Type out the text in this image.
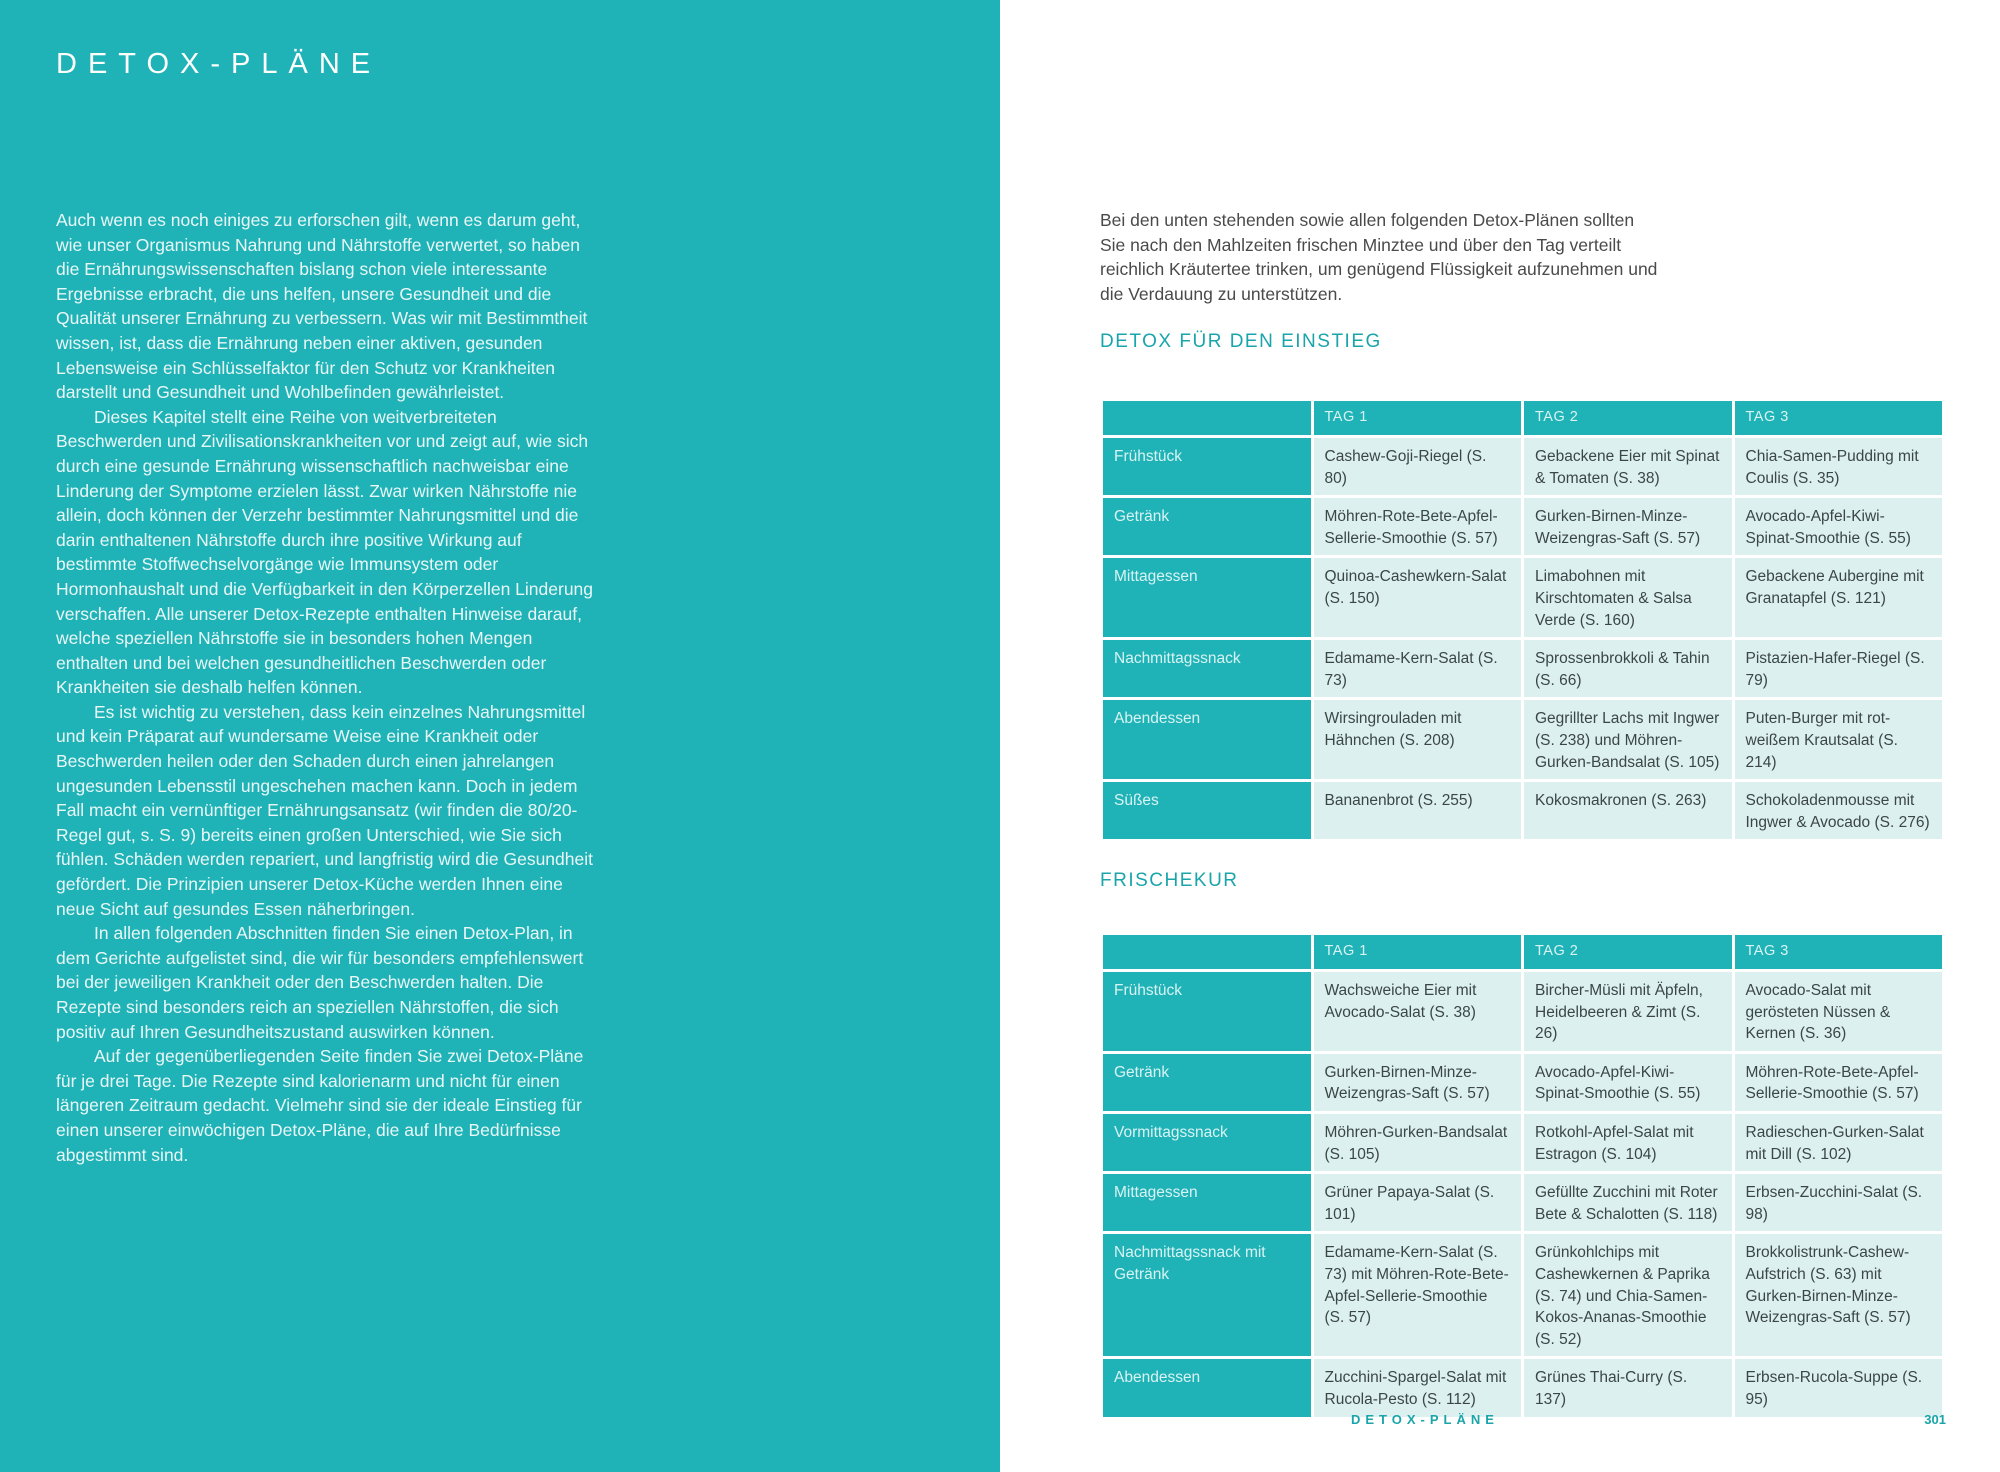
DETOX-PLÄNE

Auch wenn es noch einiges zu erforschen gilt, wenn es darum geht, wie unser Organismus Nahrung und Nährstoffe verwertet, so haben die Ernährungswissenschaften bislang schon viele interessante Ergebnisse erbracht, die uns helfen, unsere Gesundheit und die Qualität unserer Ernährung zu verbessern. Was wir mit Bestimmtheit wissen, ist, dass die Ernährung neben einer aktiven, gesunden Lebensweise ein Schlüsselfaktor für den Schutz vor Krankheiten darstellt und Gesundheit und Wohlbefinden gewährleistet.

Dieses Kapitel stellt eine Reihe von weitverbreiteten Beschwerden und Zivilisationskrankheiten vor und zeigt auf, wie sich durch eine gesunde Ernährung wissenschaftlich nachweisbar eine Linderung der Symptome erzielen lässt. Zwar wirken Nährstoffe nie allein, doch können der Verzehr bestimmter Nahrungsmittel und die darin enthaltenen Nährstoffe durch ihre positive Wirkung auf bestimmte Stoffwechselvorgänge wie Immunsystem oder Hormonhaushalt und die Verfügbarkeit in den Körperzellen Linderung verschaffen. Alle unserer Detox-Rezepte enthalten Hinweise darauf, welche speziellen Nährstoffe sie in besonders hohen Mengen enthalten und bei welchen gesundheitlichen Beschwerden oder Krankheiten sie deshalb helfen können.

Es ist wichtig zu verstehen, dass kein einzelnes Nahrungsmittel und kein Präparat auf wundersame Weise eine Krankheit oder Beschwerden heilen oder den Schaden durch einen jahrelangen ungesunden Lebensstil ungeschehen machen kann. Doch in jedem Fall macht ein vernünftiger Ernährungsansatz (wir finden die 80/20-Regel gut, s. S. 9) bereits einen großen Unterschied, wie Sie sich fühlen. Schäden werden repariert, und langfristig wird die Gesundheit gefördert. Die Prinzipien unserer Detox-Küche werden Ihnen eine neue Sicht auf gesundes Essen näherbringen.

In allen folgenden Abschnitten finden Sie einen Detox-Plan, in dem Gerichte aufgelistet sind, die wir für besonders empfehlenswert bei der jeweiligen Krankheit oder den Beschwerden halten. Die Rezepte sind besonders reich an speziellen Nährstoffen, die sich positiv auf Ihren Gesundheitszustand auswirken können.

Auf der gegenüberliegenden Seite finden Sie zwei Detox-Pläne für je drei Tage. Die Rezepte sind kalorienarm und nicht für einen längeren Zeitraum gedacht. Vielmehr sind sie der ideale Einstieg für einen unserer einwöchigen Detox-Pläne, die auf Ihre Bedürfnisse abgestimmt sind.

Bei den unten stehenden sowie allen folgenden Detox-Plänen sollten Sie nach den Mahlzeiten frischen Minztee und über den Tag verteilt reichlich Kräutertee trinken, um genügend Flüssigkeit aufzunehmen und die Verdauung zu unterstützen.

DETOX FÜR DEN EINSTIEG
	TAG 1	TAG 2	TAG 3
Frühstück	Cashew-Goji-Riegel (S. 80)	Gebackene Eier mit Spinat & Tomaten (S. 38)	Chia-Samen-Pudding mit Coulis (S. 35)
Getränk	Möhren-Rote-Bete-Apfel-Sellerie-Smoothie (S. 57)	Gurken-Birnen-Minze-Weizengras-Saft (S. 57)	Avocado-Apfel-Kiwi-Spinat-Smoothie (S. 55)
Mittagessen	Quinoa-Cashewkern-Salat (S. 150)	Limabohnen mit Kirschtomaten & Salsa Verde (S. 160)	Gebackene Aubergine mit Granatapfel (S. 121)
Nachmittagssnack	Edamame-Kern-Salat (S. 73)	Sprossenbrokkoli & Tahin (S. 66)	Pistazien-Hafer-Riegel (S. 79)
Abendessen	Wirsingrouladen mit Hähnchen (S. 208)	Gegrillter Lachs mit Ingwer (S. 238) und Möhren-Gurken-Bandsalat (S. 105)	Puten-Burger mit rot-weißem Krautsalat (S. 214)
Süßes	Bananenbrot (S. 255)	Kokosmakronen (S. 263)	Schokoladenmousse mit Ingwer & Avocado (S. 276)
FRISCHEKUR
	TAG 1	TAG 2	TAG 3
Frühstück	Wachsweiche Eier mit Avocado-Salat (S. 38)	Bircher-Müsli mit Äpfeln, Heidelbeeren & Zimt (S. 26)	Avocado-Salat mit gerösteten Nüssen & Kernen (S. 36)
Getränk	Gurken-Birnen-Minze-Weizengras-Saft (S. 57)	Avocado-Apfel-Kiwi-Spinat-Smoothie (S. 55)	Möhren-Rote-Bete-Apfel-Sellerie-Smoothie (S. 57)
Vormittagssnack	Möhren-Gurken-Bandsalat (S. 105)	Rotkohl-Apfel-Salat mit Estragon (S. 104)	Radieschen-Gurken-Salat mit Dill (S. 102)
Mittagessen	Grüner Papaya-Salat (S. 101)	Gefüllte Zucchini mit Roter Bete & Schalotten (S. 118)	Erbsen-Zucchini-Salat (S. 98)
Nachmittagssnack mit Getränk	Edamame-Kern-Salat (S. 73) mit Möhren-Rote-Bete-Apfel-Sellerie-Smoothie (S. 57)	Grünkohlchips mit Cashewkernen & Paprika (S. 74) und Chia-Samen-Kokos-Ananas-Smoothie (S. 52)	Brokkolistrunk-Cashew-Aufstrich (S. 63) mit Gurken-Birnen-Minze-Weizengras-Saft (S. 57)
Abendessen	Zucchini-Spargel-Salat mit Rucola-Pesto (S. 112)	Grünes Thai-Curry (S. 137)	Erbsen-Rucola-Suppe (S. 95)

DETOX-PLÄNE	301
